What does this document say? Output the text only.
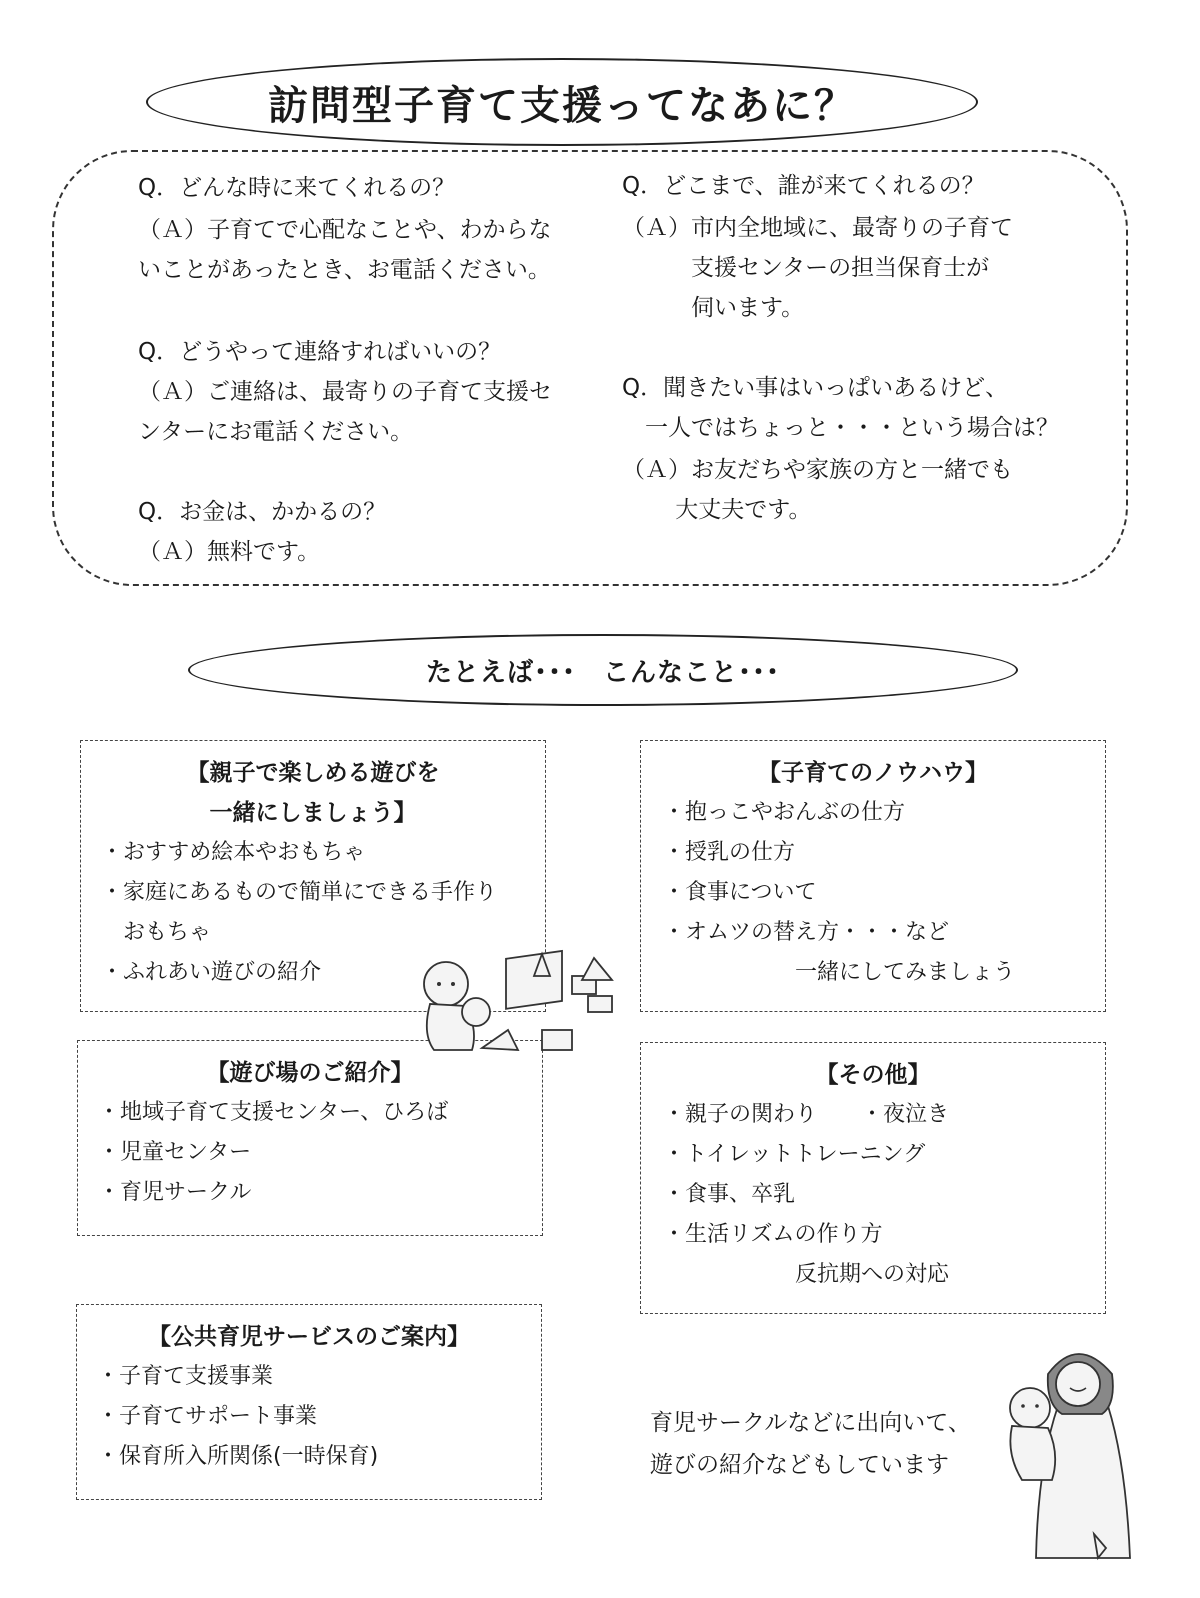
訪問型子育て支援ってなあに？
Q．どんな時に来てくれるの？
（Ａ）子育てで心配なことや、わからな
いことがあったとき、お電話ください。
Q．どうやって連絡すればいいの？
（Ａ）ご連絡は、最寄りの子育て支援セ
ンターにお電話ください。
Q．お金は、かかるの？
（Ａ）無料です。
Q．どこまで、誰が来てくれるの？
（Ａ）市内全地域に、最寄りの子育て
　　　支援センターの担当保育士が
　　　伺います。
Q．聞きたい事はいっぱいあるけど、
　一人ではちょっと・・・という場合は？
（Ａ）お友だちや家族の方と一緒でも
　　 大丈夫です。
たとえば･･･　こんなこと･･･
【親子で楽しめる遊びを
一緒にしましょう】
・おすすめ絵本やおもちゃ
・家庭にあるもので簡単にできる手作り
　おもちゃ
・ふれあい遊びの紹介
【子育てのノウハウ】
・抱っこやおんぶの仕方
・授乳の仕方
・食事について
・オムツの替え方・・・など
　　　　　　一緒にしてみましょう
【遊び場のご紹介】
・地域子育て支援センター、ひろば
・児童センター
・育児サークル
【その他】
・親子の関わり　　・夜泣き
・トイレットトレーニング
・食事、卒乳
・生活リズムの作り方
　　　　　　反抗期への対応
【公共育児サービスのご案内】
・子育て支援事業
・子育てサポート事業
・保育所入所関係(一時保育)
育児サークルなどに出向いて、
遊びの紹介などもしています
